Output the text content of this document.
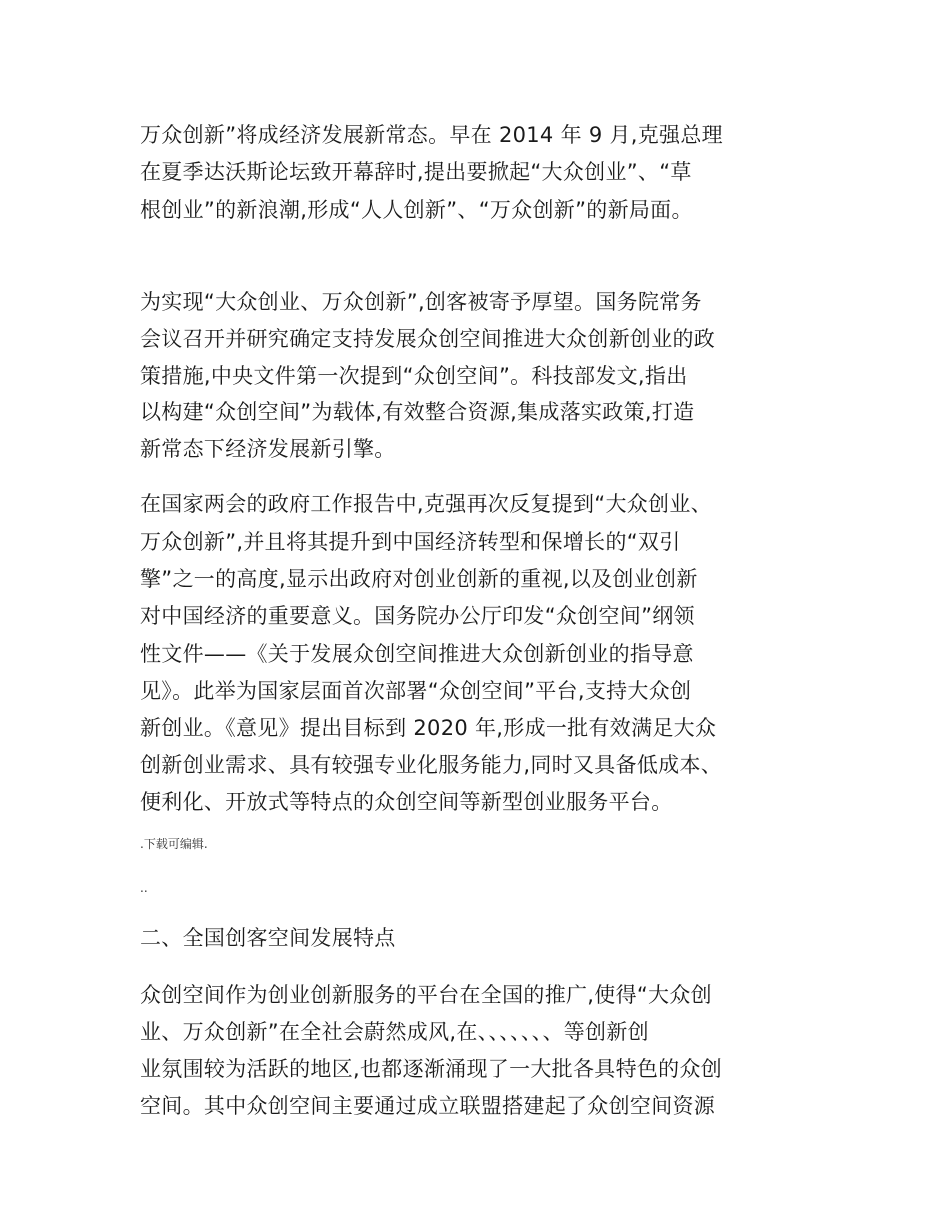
万众创新”将成经济发展新常态。早在 2014 年 9 月,克强总理
在夏季达沃斯论坛致开幕辞时,提出要掀起“大众创业”、“草
根创业”的新浪潮,形成“人人创新”、“万众创新”的新局面。
为实现“大众创业、万众创新”,创客被寄予厚望。国务院常务
会议召开并研究确定支持发展众创空间推进大众创新创业的政
策措施,中央文件第一次提到“众创空间”。科技部发文,指出
以构建“众创空间”为载体,有效整合资源,集成落实政策,打造
新常态下经济发展新引擎。
在国家两会的政府工作报告中,克强再次反复提到“大众创业、
万众创新”,并且将其提升到中国经济转型和保增长的“双引
擎”之一的高度,显示出政府对创业创新的重视,以及创业创新
对中国经济的重要意义。国务院办公厅印发“众创空间”纲领
性文件——《关于发展众创空间推进大众创新创业的指导意
见》。此举为国家层面首次部署“众创空间”平台,支持大众创
新创业。《意见》提出目标到 2020 年,形成一批有效满足大众
创新创业需求、具有较强专业化服务能力,同时又具备低成本、
便利化、开放式等特点的众创空间等新型创业服务平台。
.下载可编辑.
..
二、全国创客空间发展特点
众创空间作为创业创新服务的平台在全国的推广,使得“大众创
业、万众创新”在全社会蔚然成风,在、、、、、、、等创新创
业氛围较为活跃的地区,也都逐渐涌现了一大批各具特色的众创
空间。其中众创空间主要通过成立联盟搭建起了众创空间资源
